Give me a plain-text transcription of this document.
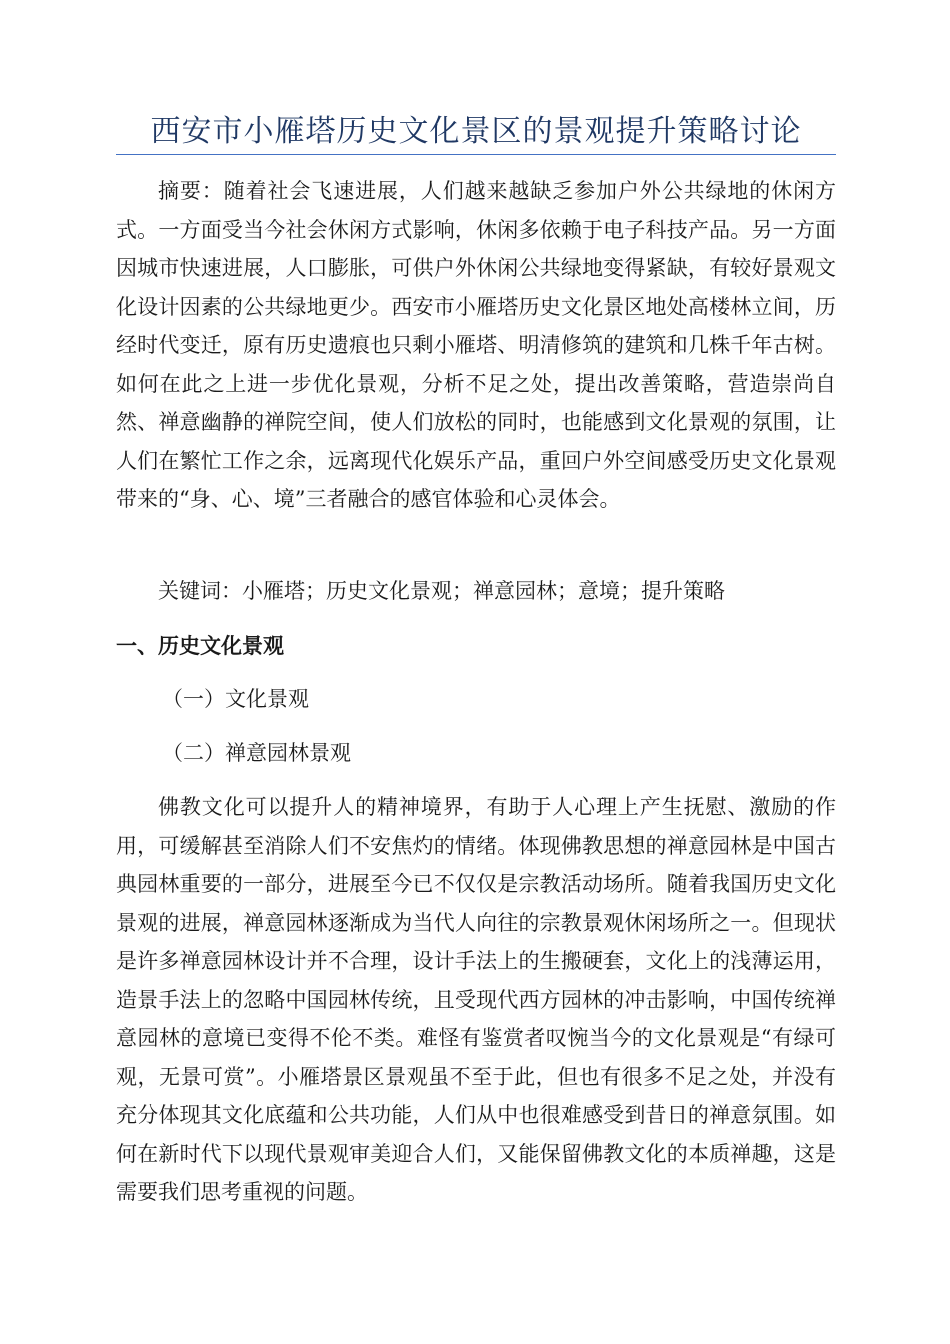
西安市小雁塔历史文化景区的景观提升策略讨论

摘要：随着社会飞速进展，人们越来越缺乏参加户外公共绿地的休闲方式。一方面受当今社会休闲方式影响，休闲多依赖于电子科技产品。另一方面因城市快速进展，人口膨胀，可供户外休闲公共绿地变得紧缺，有较好景观文化设计因素的公共绿地更少。西安市小雁塔历史文化景区地处高楼林立间，历经时代变迁，原有历史遗痕也只剩小雁塔、明清修筑的建筑和几株千年古树。如何在此之上进一步优化景观，分析不足之处，提出改善策略，营造崇尚自然、禅意幽静的禅院空间，使人们放松的同时，也能感到文化景观的氛围，让人们在繁忙工作之余，远离现代化娱乐产品，重回户外空间感受历史文化景观带来的“身、心、境”三者融合的感官体验和心灵体会。

关键词：小雁塔；历史文化景观；禅意园林；意境；提升策略

一、历史文化景观
（一）文化景观
（二）禅意园林景观

佛教文化可以提升人的精神境界，有助于人心理上产生抚慰、激励的作用，可缓解甚至消除人们不安焦灼的情绪。体现佛教思想的禅意园林是中国古典园林重要的一部分，进展至今已不仅仅是宗教活动场所。随着我国历史文化景观的进展，禅意园林逐渐成为当代人向往的宗教景观休闲场所之一。但现状是许多禅意园林设计并不合理，设计手法上的生搬硬套，文化上的浅薄运用，造景手法上的忽略中国园林传统，且受现代西方园林的冲击影响，中国传统禅意园林的意境已变得不伦不类。难怪有鉴赏者叹惋当今的文化景观是“有绿可观，无景可赏”。小雁塔景区景观虽不至于此，但也有很多不足之处，并没有充分体现其文化底蕴和公共功能，人们从中也很难感受到昔日的禅意氛围。如何在新时代下以现代景观审美迎合人们，又能保留佛教文化的本质禅趣，这是需要我们思考重视的问题。
